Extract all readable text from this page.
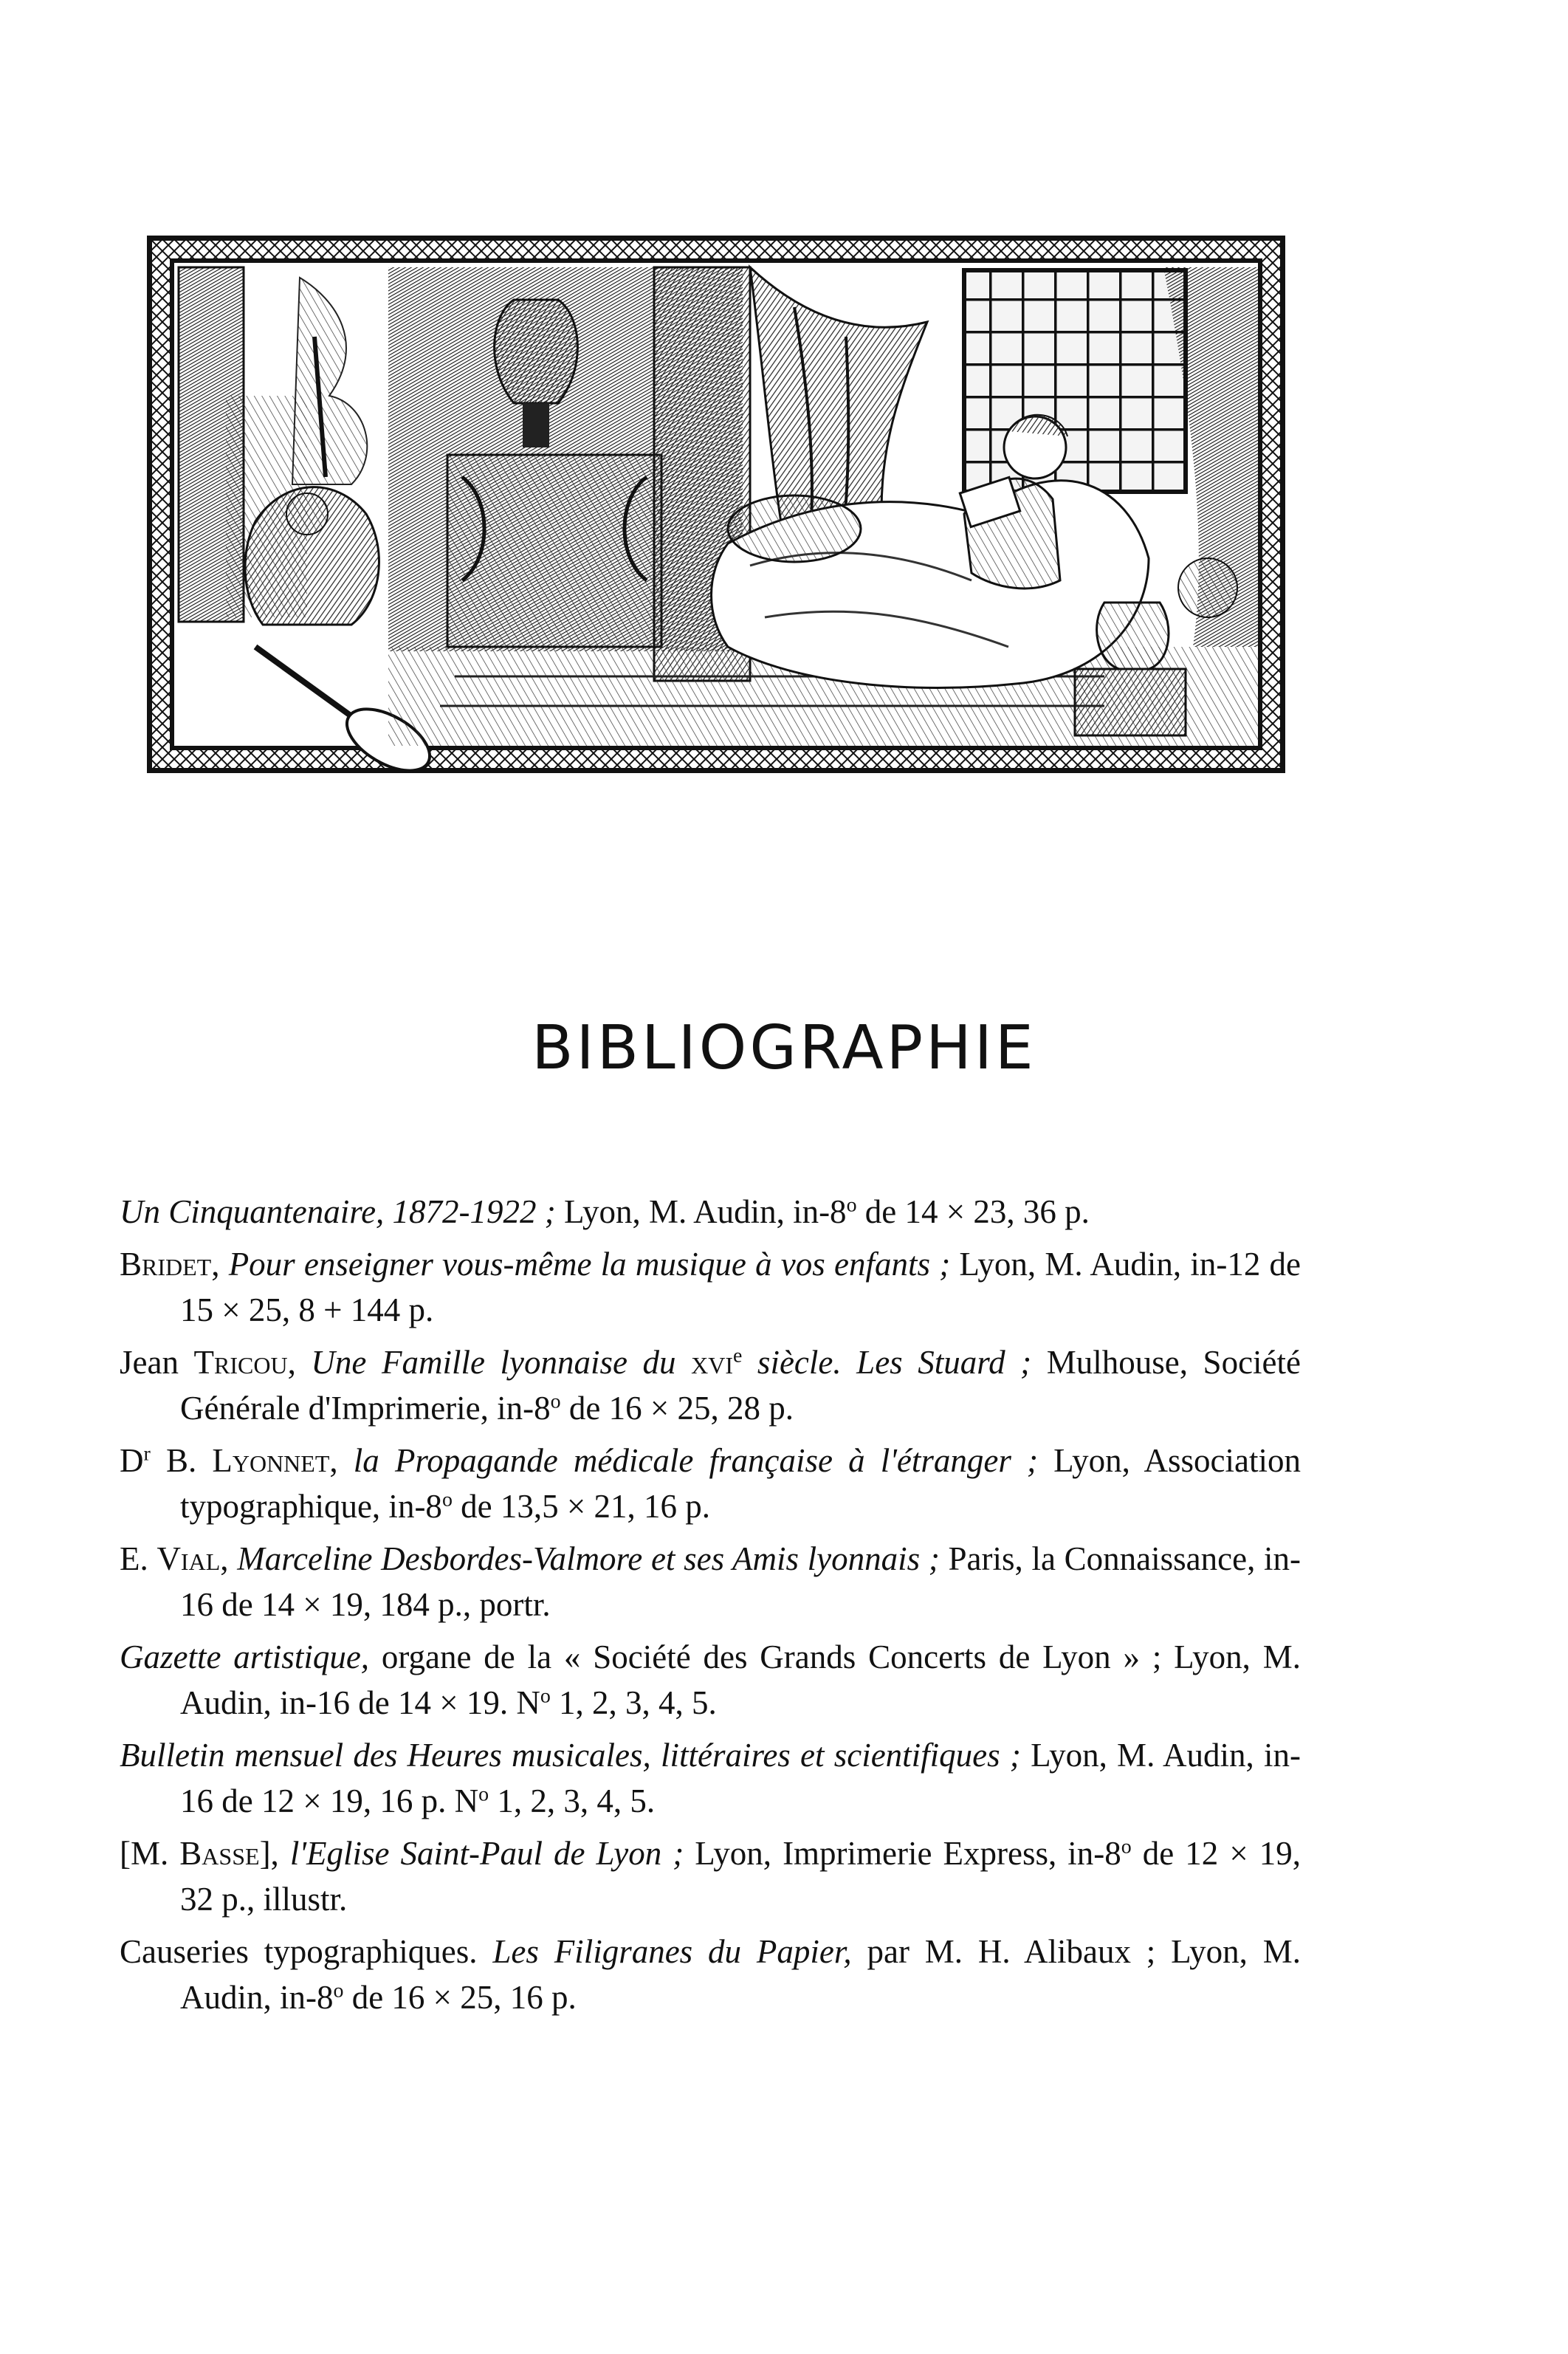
BIBLIOGRAPHIE
Un Cinquantenaire, 1872-1922 ; Lyon, M. Audin, in-8$^o$ de 14 × 23, 36 p.
Bridet, Pour enseigner vous-même la musique à vos enfants ; Lyon, M. Audin, in-12 de 15 × 25, 8 + 144 p.
Jean Tricou, Une Famille lyonnaise du xvi$^e$ siècle. Les Stuard ; Mulhouse, Société Générale d'Imprimerie, in-8$^o$ de 16 × 25, 28 p.
$D^r$ B. Lyonnet, la Propagande médicale française à l'étranger ; Lyon, Association typographique, in-8$^o$ de 13,5 × 21, 16 p.
E. Vial, Marceline Desbordes-Valmore et ses Amis lyonnais ; Paris, la Connaissance, in-16 de 14 × 19, 184 p., portr.
Gazette artistique, organe de la « Société des Grands Concerts de Lyon » ; Lyon, M. Audin, in-16 de 14 × 19. $N^o$ 1, 2, 3, 4, 5.
Bulletin mensuel des Heures musicales, littéraires et scientifiques ; Lyon, M. Audin, in-16 de 12 × 19, 16 p. $N^o$ 1, 2, 3, 4, 5.
[M. Basse], l'Eglise Saint-Paul de Lyon ; Lyon, Imprimerie Express, in-8$^o$ de 12 × 19, 32 p., illustr.
Causeries typographiques. Les Filigranes du Papier, par M. H. Alibaux ; Lyon, M. Audin, in-8$^o$ de 16 × 25, 16 p.
